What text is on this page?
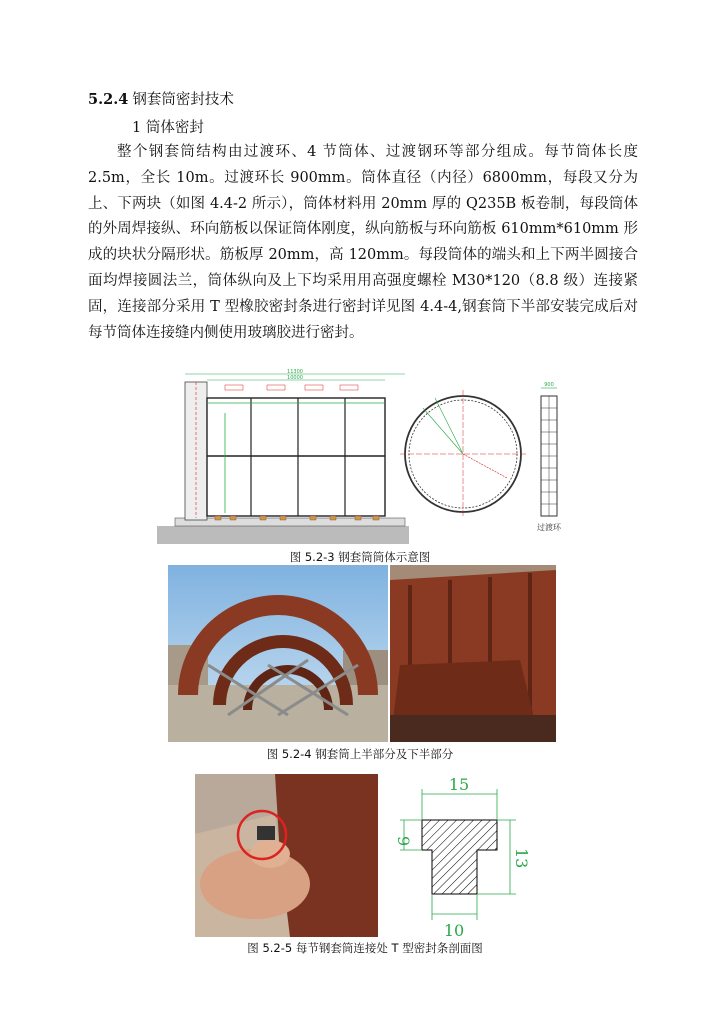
5.2.4 钢套筒密封技术
1 筒体密封
整个钢套筒结构由过渡环、4 节筒体、过渡钢环等部分组成。每节筒体长度 2.5m，全长 10m。过渡环长 900mm。筒体直径（内径）6800mm，每段又分为上、下两块（如图 4.4-2 所示），筒体材料用 20mm 厚的 Q235B 板卷制，每段筒体的外周焊接纵、环向筋板以保证筒体刚度，纵向筋板与环向筋板 610mm*610mm 形成的块状分隔形状。筋板厚 20mm，高 120mm。每段筒体的端头和上下两半圆接合面均焊接圆法兰，筒体纵向及上下均采用用高强度螺栓 M30*120（8.8 级）连接紧固，连接部分采用 T 型橡胶密封条进行密封详见图 4.4-4,钢套筒下半部安装完成后对每节筒体连接缝内侧使用玻璃胶进行密封。
11300
10000
900
过渡环
图 5.2-3 钢套筒筒体示意图
图 5.2-4 钢套筒上半部分及下半部分
15
9
13
10
图 5.2-5 每节钢套筒连接处 T 型密封条剖面图
